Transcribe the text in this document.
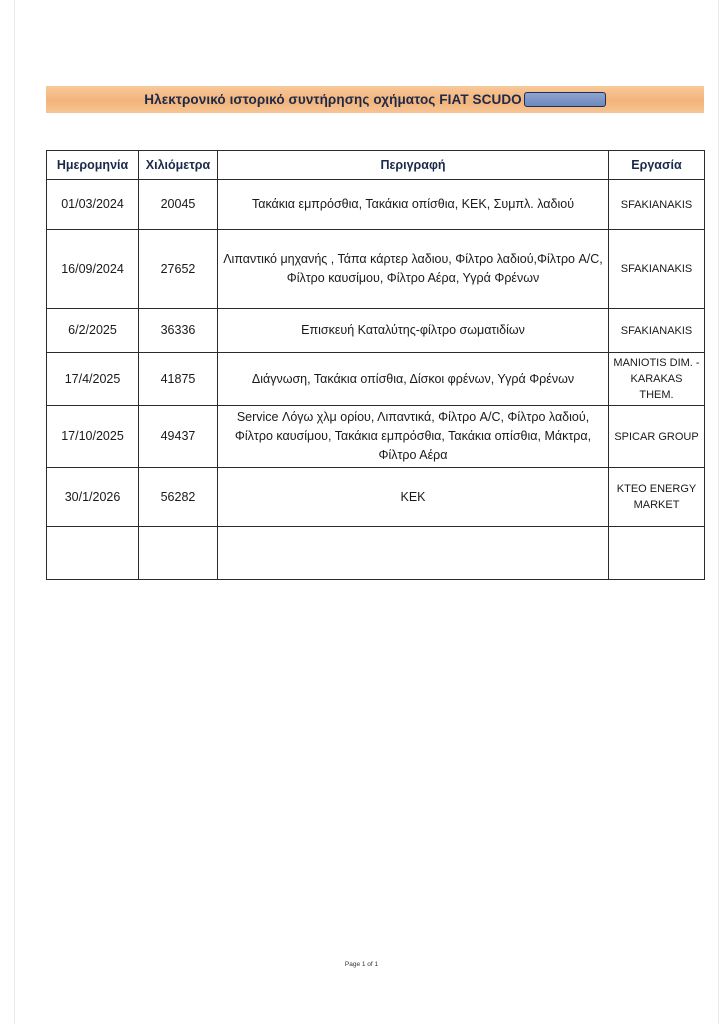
Ηλεκτρονικό ιστορικό συντήρησης οχήματος FIAT SCUDO
Ημερομηνία	Χιλιόμετρα	Περιγραφή	Εργασία
01/03/2024	20045	Τακάκια εμπρόσθια, Τακάκια οπίσθια, ΚΕΚ, Συμπλ. λαδιού	SFAKIANAKIS
16/09/2024	27652	Λιπαντικό μηχανής , Τάπα κάρτερ λαδιου, Φίλτρο λαδιού,Φίλτρο A/C, Φίλτρο καυσίμου, Φίλτρο Αέρα, Υγρά Φρένων	SFAKIANAKIS
6/2/2025	36336	Επισκευή Καταλύτης-φίλτρο σωματιδίων	SFAKIANAKIS
17/4/2025	41875	Διάγνωση, Τακάκια οπίσθια, Δίσκοι φρένων, Υγρά Φρένων	MANIOTIS DIM. - KARAKAS THEM.
17/10/2025	49437	Service Λόγω χλμ ορίου, Λιπαντικά, Φίλτρο A/C, Φίλτρο λαδιού, Φίλτρο καυσίμου, Τακάκια εμπρόσθια, Τακάκια οπίσθια, Μάκτρα, Φίλτρο Αέρα	SPICAR GROUP
30/1/2026	56282	ΚΕΚ	KTEO ENERGY MARKET

Page 1 of 1
